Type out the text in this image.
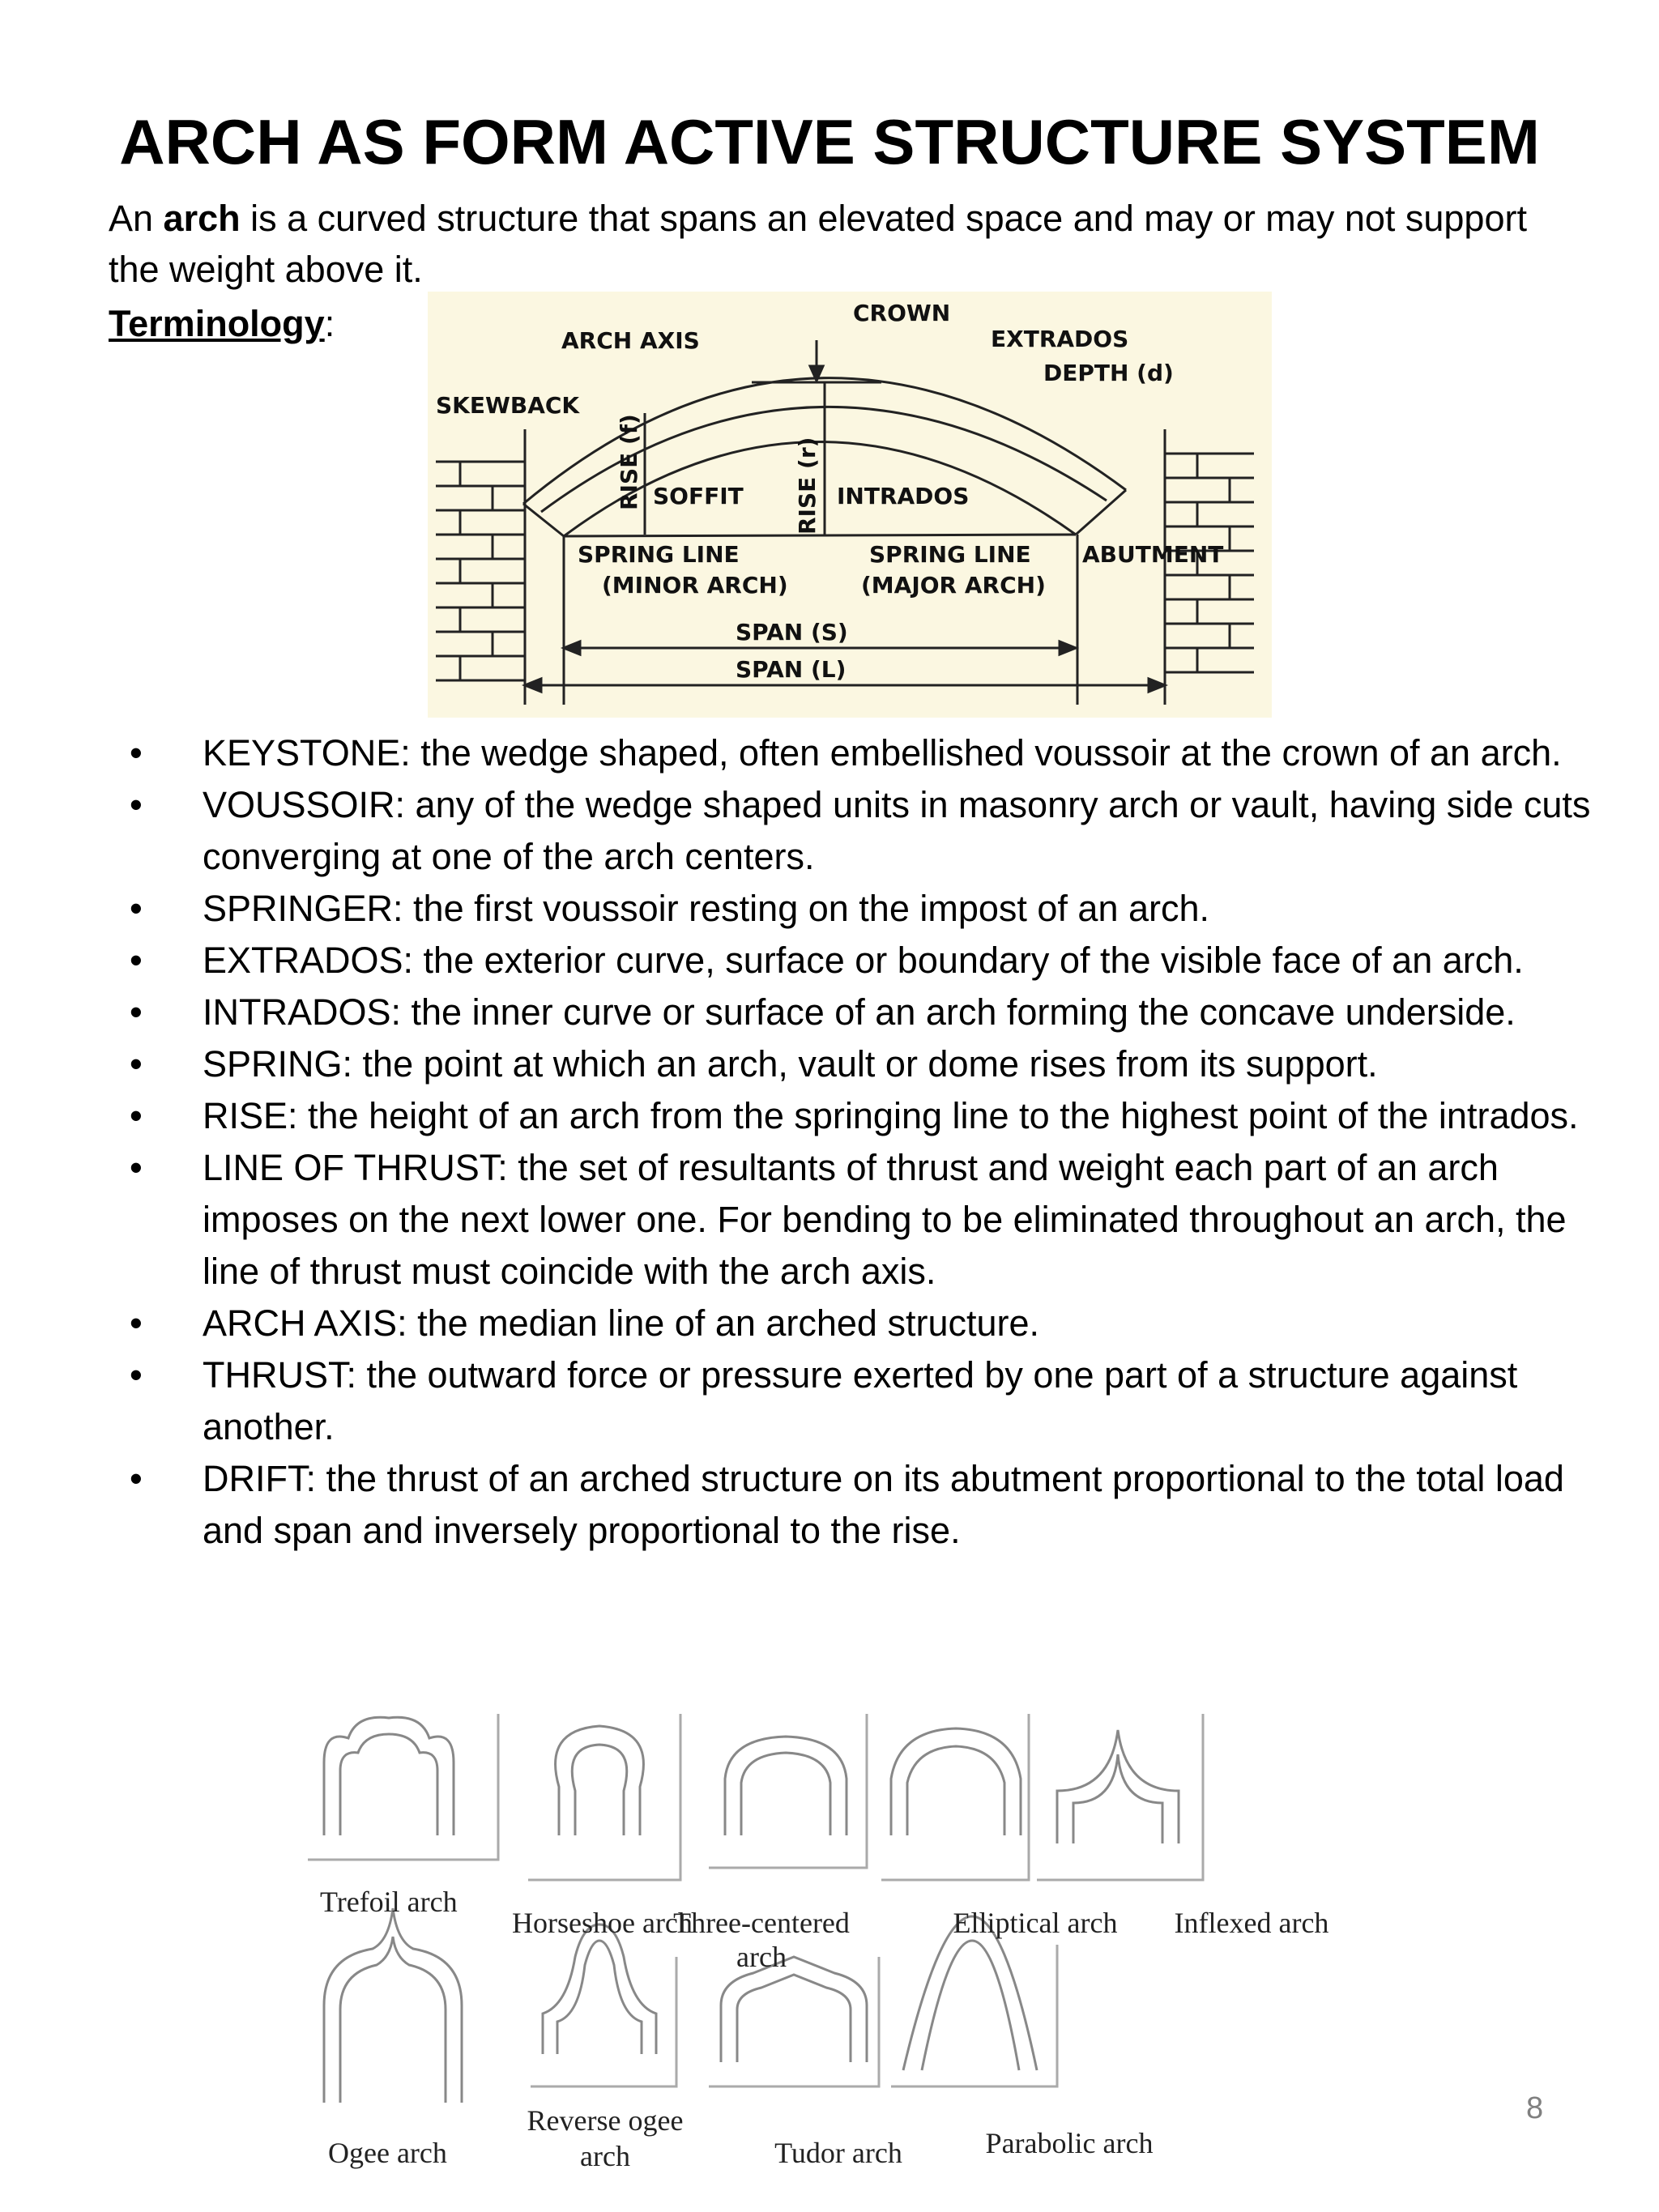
ARCH AS FORM ACTIVE STRUCTURE SYSTEM
An arch is a curved structure that spans an elevated space and may or may not support the weight above it.
Terminology:	ARCH AXIS
CROWN
EXTRADOS
DEPTH (d)
SKEWBACK
RISE (f)	RISE (r)
SOFFIT	INTRADOS
SPRING LINE
(MINOR ARCH)
SPRING LINE
(MAJOR ARCH)
ABUTMENT
SPAN (S)
SPAN (L)
• KEYSTONE: the wedge shaped, often embellished voussoir at the crown of an arch.
• VOUSSOIR: any of the wedge shaped units in masonry arch or vault, having side cuts converging at one of the arch centers.
• SPRINGER: the first voussoir resting on the impost of an arch.
• EXTRADOS: the exterior curve, surface or boundary of the visible face of an arch.
• INTRADOS: the inner curve or surface of an arch forming the concave underside.
• SPRING: the point at which an arch, vault or dome rises from its support.
• RISE: the height of an arch from the springing line to the highest point of the intrados.
• LINE OF THRUST: the set of resultants of thrust and weight each part of an arch imposes on the next lower one. For bending to be eliminated throughout an arch, the line of thrust must coincide with the arch axis.
• ARCH AXIS: the median line of an arched structure.
• THRUST: the outward force or pressure exerted by one part of a structure against another.
• DRIFT: the thrust of an arched structure on its abutment proportional to the total load and span and inversely proportional to the rise.
Trefoil arch
Horseshoe arch
Three-centered
arch
Elliptical arch Inflexed arch
Ogee arch
Reverse ogee
arch	Tudor arch	Parabolic arch
8
